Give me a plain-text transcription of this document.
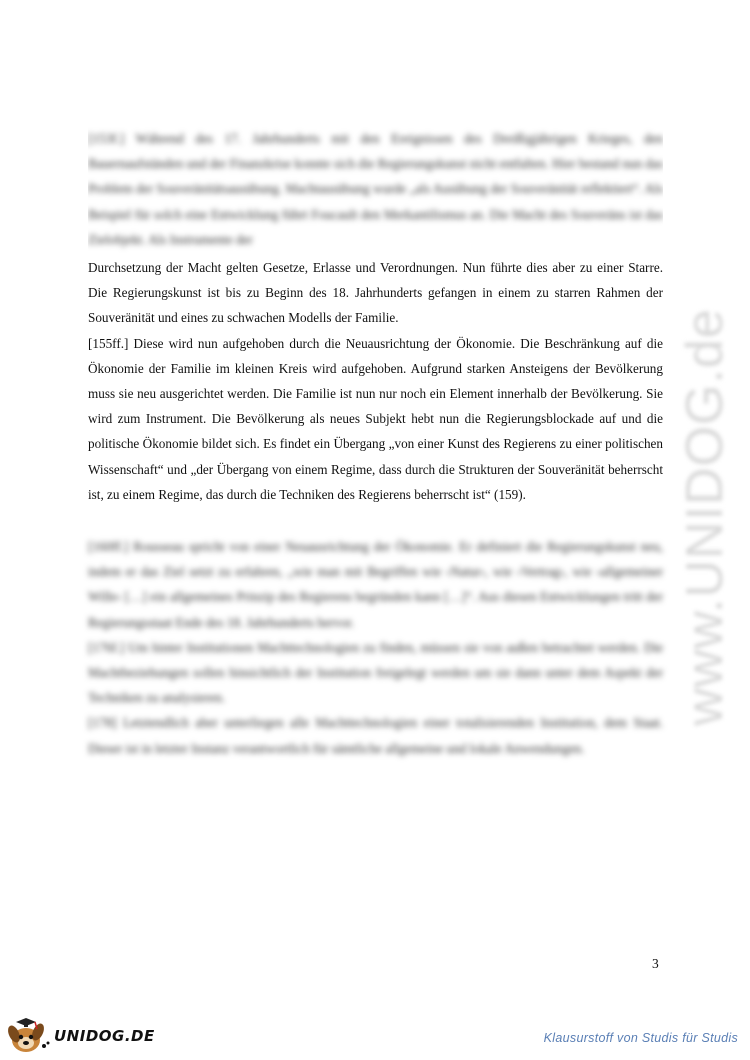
[153f.] Während des 17. Jahrhunderts mit den Ereignissen des Dreißigjährigen Krieges, den Bauernaufständen und der Finanzkrise konnte sich die Regierungskunst nicht entfalten. Hier bestand nun das Problem der Souveränitätsausübung. Machtausübung wurde „als Ausübung der Souveränität reflektiert“. Als Beispiel für solch eine Entwicklung führt Foucault den Merkantilismus an. Die Macht des Souveräns ist das Zielobjekt. Als Instrumente der

Durchsetzung der Macht gelten Gesetze, Erlasse und Verordnungen. Nun führte dies aber zu einer Starre. Die Regierungskunst ist bis zu Beginn des 18. Jahrhunderts gefangen in einem zu starren Rahmen der Souveränität und eines zu schwachen Modells der Familie.

[155ff.] Diese wird nun aufgehoben durch die Neuausrichtung der Ökonomie. Die Beschränkung auf die Ökonomie der Familie im kleinen Kreis wird aufgehoben. Aufgrund starken Ansteigens der Bevölkerung muss sie neu ausgerichtet werden. Die Familie ist nun nur noch ein Element innerhalb der Bevölkerung. Sie wird zum Instrument. Die Bevölkerung als neues Subjekt hebt nun die Regierungsblockade auf und die politische Ökonomie bildet sich. Es findet ein Übergang „von einer Kunst des Regierens zu einer politischen Wissenschaft“ und „der Übergang von einem Regime, dass durch die Strukturen der Souveränität beherrscht ist, zu einem Regime, das durch die Techniken des Regierens beherrscht ist“ (159).

[160ff.] Rousseau spricht von einer Neuausrichtung der Ökonomie. Er definiert die Regierungskunst neu, indem er das Ziel setzt zu erfahren, „wie man mit Begriffen wie ›Natur‹, wie ›Vertrag‹, wie ›allgemeiner Wille‹ […] ein allgemeines Prinzip des Regierens begründen kann […]“. Aus diesen Entwicklungen tritt der Regierungsstaat Ende des 18. Jahrhunderts hervor.

[176f.] Um hinter Institutionen Machttechnologien zu finden, müssen sie von außen betrachtet werden. Die Machtbeziehungen sollen hinsichtlich der Institution freigelegt werden um sie dann unter dem Aspekt der Techniken zu analysieren.

[178] Letztendlich aber unterliegen alle Machttechnologien einer totalisierenden Institution, dem Staat. Dieser ist in letzter Instanz verantwortlich für sämtliche allgemeine und lokale Anwendungen.

www.UNIDOG.de
3
UNIDOG.DE	Klausurstoff von Studis für Studis
